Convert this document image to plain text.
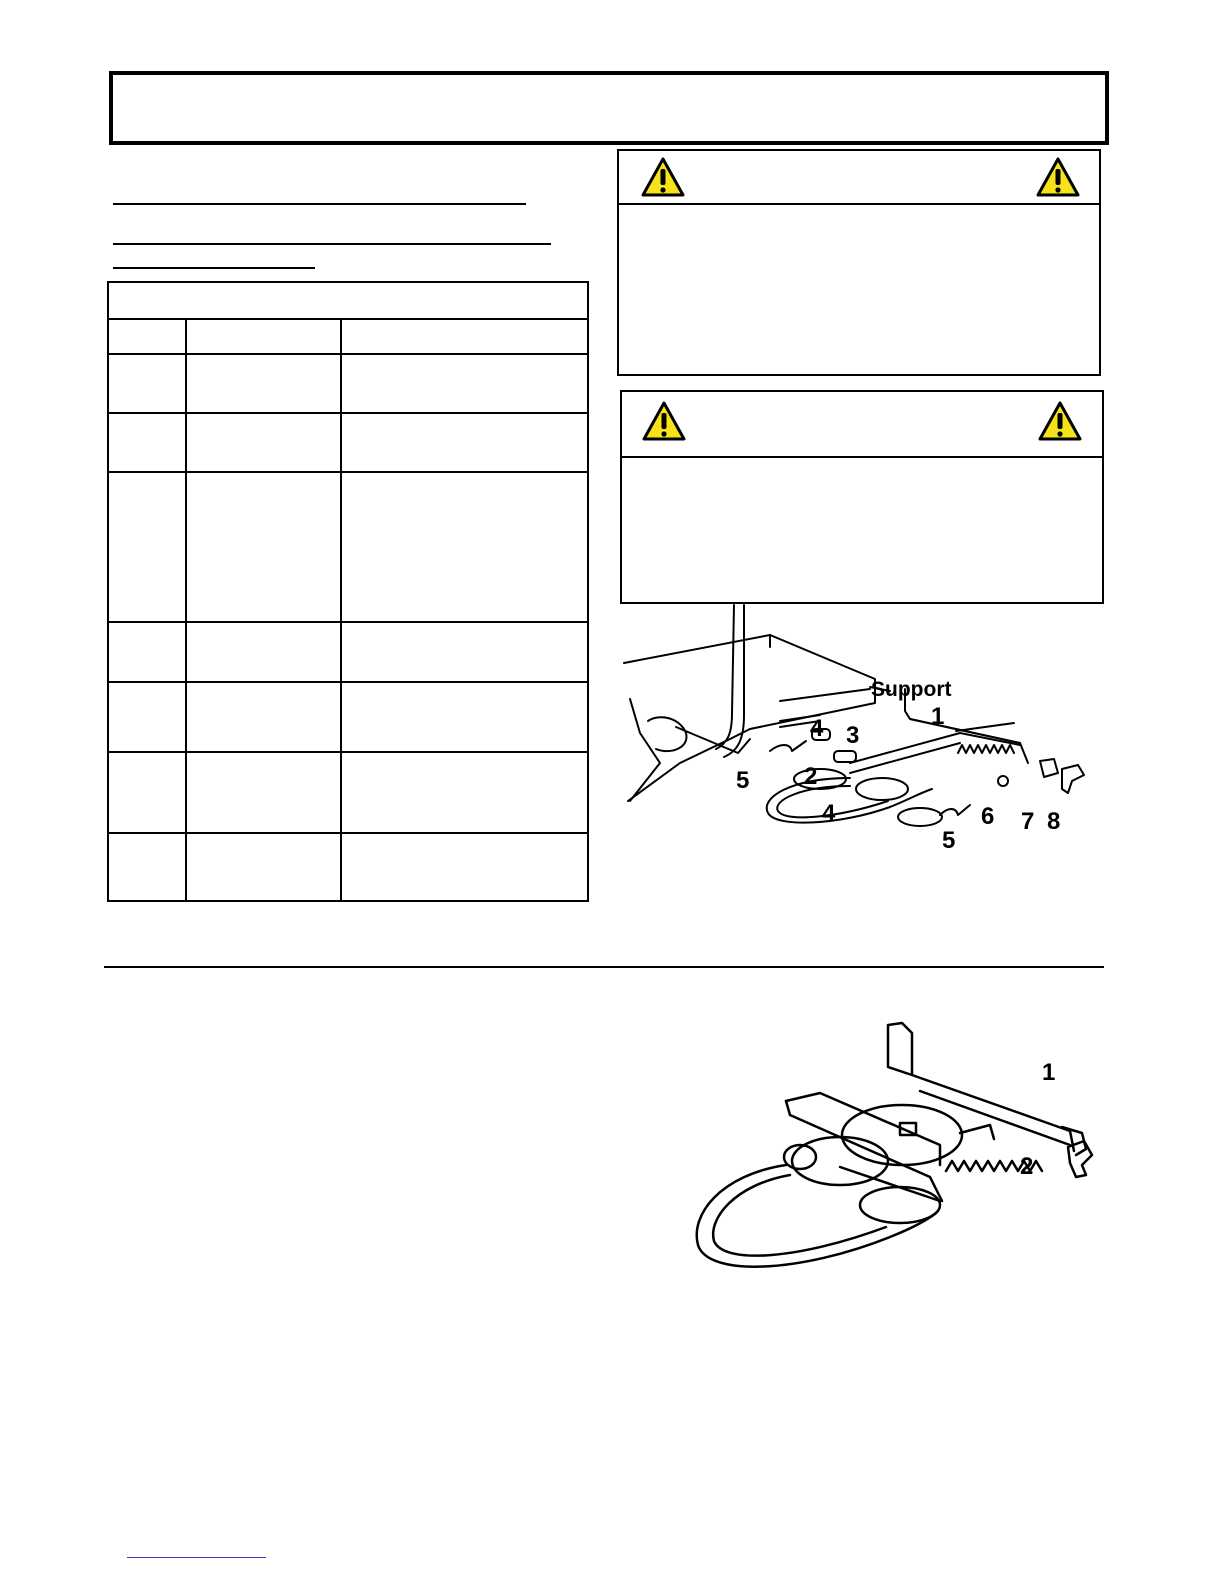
Support
1
2
3
4
4
5
5
6 7 8
1
2
